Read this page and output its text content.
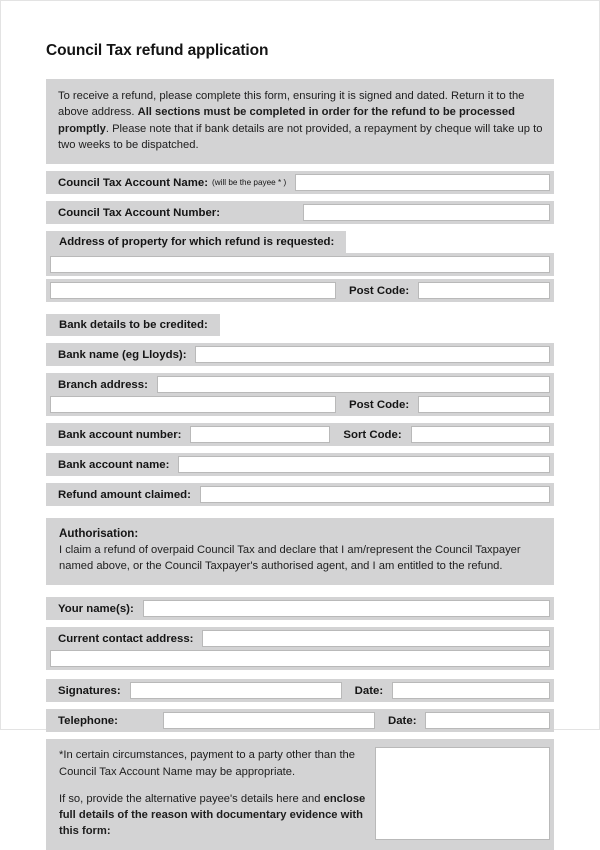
Council Tax refund application
To receive a refund, please complete this form, ensuring it is signed and dated. Return it to the above address. All sections must be completed in order for the refund to be processed promptly. Please note that if bank details are not provided, a repayment by cheque will take up to two weeks to be dispatched.
Council Tax Account Name: (will be the payee * )
Council Tax Account Number:
Address of property for which refund is requested:
Post Code:
Bank details to be credited:
Bank name (eg Lloyds):
Branch address:
Post Code:
Bank account number:	Sort Code:
Bank account name:
Refund amount claimed:
Authorisation:
I claim a refund of overpaid Council Tax and declare that I am/represent the Council Taxpayer named above, or the Council Taxpayer's authorised agent, and I am entitled to the refund.
Your name(s):
Current contact address:
Signatures:	Date:
Telephone:	Date:

*In certain circumstances, payment to a party other than the Council Tax Account Name may be appropriate.

If so, provide the alternative payee's details here and enclose full details of the reason with documentary evidence with this form:
